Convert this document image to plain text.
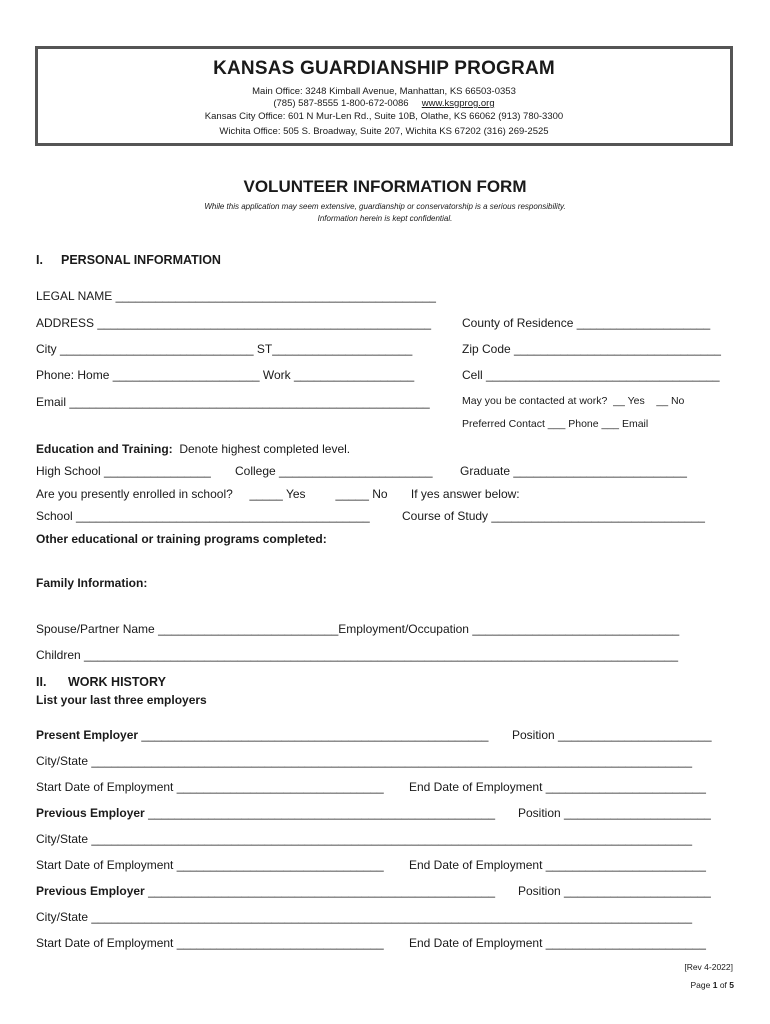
KANSAS GUARDIANSHIP PROGRAM
Main Office: 3248 Kimball Avenue, Manhattan, KS 66503-0353
(785) 587-8555 1-800-672-0086 www.ksgprog.org
Kansas City Office: 601 N Mur-Len Rd., Suite 10B, Olathe, KS 66062 (913) 780-3300
Wichita Office: 505 S. Broadway, Suite 207, Wichita KS 67202 (316) 269-2525
VOLUNTEER INFORMATION FORM
While this application may seem extensive, guardianship or conservatorship is a serious responsibility.
Information herein is kept confidential.
I. PERSONAL INFORMATION
LEGAL NAME ________________________________________________
ADDRESS __________________________________________________	County of Residence ____________________
City _____________________________ ST_____________________	Zip Code _______________________________
Phone: Home ______________________ Work __________________	Cell ___________________________________
Email ______________________________________________________	May you be contacted at work?  __ Yes    __ No
Preferred Contact ___ Phone ___ Email
Education and Training: Denote highest completed level.
High School ________________ College _______________________ Graduate __________________________
Are you presently enrolled in school?     _____ Yes         _____ No       If yes answer below:
School ____________________________________________	Course of Study ________________________________
Other educational or training programs completed:
Family Information:
Spouse/Partner Name ___________________________Employment/Occupation _______________________________
Children _________________________________________________________________________________________
II. WORK HISTORY
List your last three employers
Present Employer ____________________________________________________ Position _______________________
City/State __________________________________________________________________________________________
Start Date of Employment _______________________________ End Date of Employment ________________________
Previous Employer ____________________________________________________ Position ______________________
City/State __________________________________________________________________________________________
Start Date of Employment _______________________________ End Date of Employment ________________________
Previous Employer ____________________________________________________ Position ______________________
City/State __________________________________________________________________________________________
Start Date of Employment _______________________________ End Date of Employment ________________________
[Rev 4-2022]
Page 1 of 5
